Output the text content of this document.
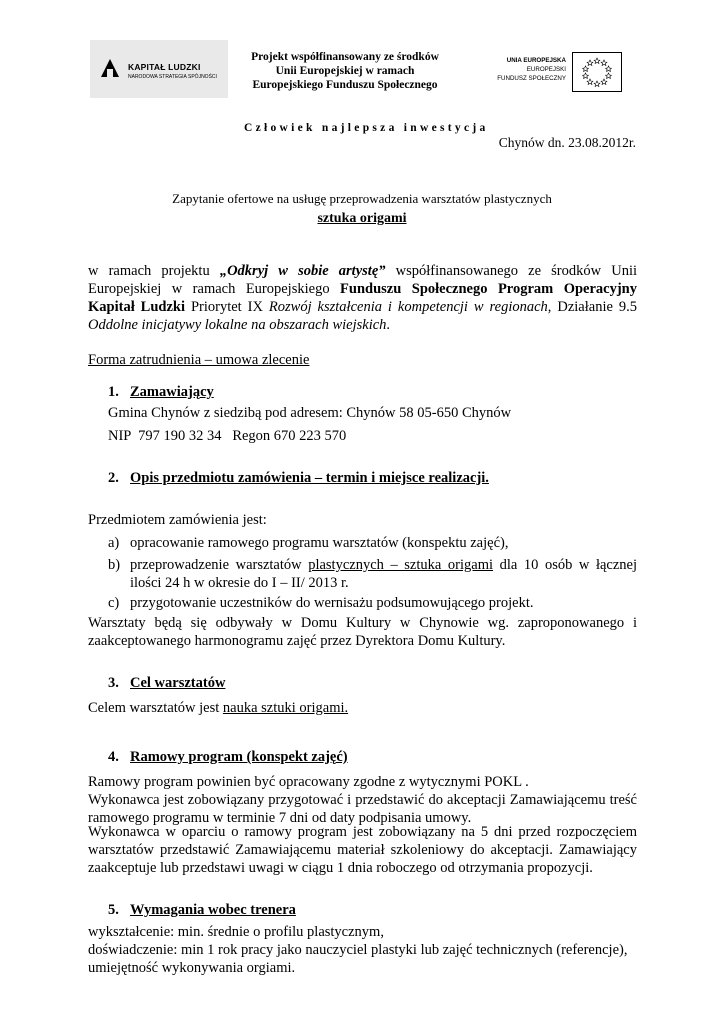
KAPITAŁ LUDZKI
NARODOWA STRATEGIA SPÓJNOŚCI
Projekt współfinansowany ze środków
Unii Europejskiej w ramach
Europejskiego Funduszu Społecznego
UNIA EUROPEJSKA
EUROPEJSKI
FUNDUSZ SPOŁECZNY
Człowiek najlepsza inwestycja
Chynów dn. 23.08.2012r.
Zapytanie ofertowe na usługę przeprowadzenia warsztatów plastycznych
sztuka origami
w ramach projektu „Odkryj w sobie artystę” współfinansowanego ze środków Unii Europejskiej w ramach Europejskiego Funduszu Społecznego Program Operacyjny Kapitał Ludzki Priorytet IX Rozwój kształcenia i kompetencji w regionach, Działanie 9.5 Oddolne inicjatywy lokalne na obszarach wiejskich.
Forma zatrudnienia – umowa zlecenie
1. Zamawiający
Gmina Chynów z siedzibą pod adresem: Chynów 58 05-650 Chynów
NIP  797 190 32 34   Regon 670 223 570
2. Opis przedmiotu zamówienia – termin i miejsce realizacji.
Przedmiotem zamówienia jest:
a) opracowanie ramowego programu warsztatów (konspektu zajęć),
b) przeprowadzenie warsztatów plastycznych – sztuka origami dla 10 osób w łącznej ilości 24 h w okresie do I – II/ 2013 r.
c) przygotowanie uczestników do wernisażu podsumowującego projekt.
Warsztaty będą się odbywały w Domu Kultury w Chynowie wg. zaproponowanego i zaakceptowanego harmonogramu zajęć przez Dyrektora Domu Kultury.
3. Cel warsztatów
Celem warsztatów jest nauka sztuki origami.
4. Ramowy program (konspekt zajęć)
Ramowy program powinien być opracowany zgodne z wytycznymi POKL .
Wykonawca jest zobowiązany przygotować i przedstawić do akceptacji Zamawiającemu treść ramowego programu w terminie 7 dni od daty podpisania umowy.
Wykonawca w oparciu o ramowy program jest zobowiązany na 5 dni przed rozpoczęciem warsztatów przedstawić Zamawiającemu materiał szkoleniowy do akceptacji. Zamawiający zaakceptuje lub przedstawi uwagi w ciągu 1 dnia roboczego od otrzymania propozycji.
5. Wymagania wobec trenera
wykształcenie: min. średnie o profilu plastycznym,
doświadczenie: min 1 rok pracy jako nauczyciel plastyki lub zajęć technicznych (referencje),
umiejętność wykonywania orgiami.
